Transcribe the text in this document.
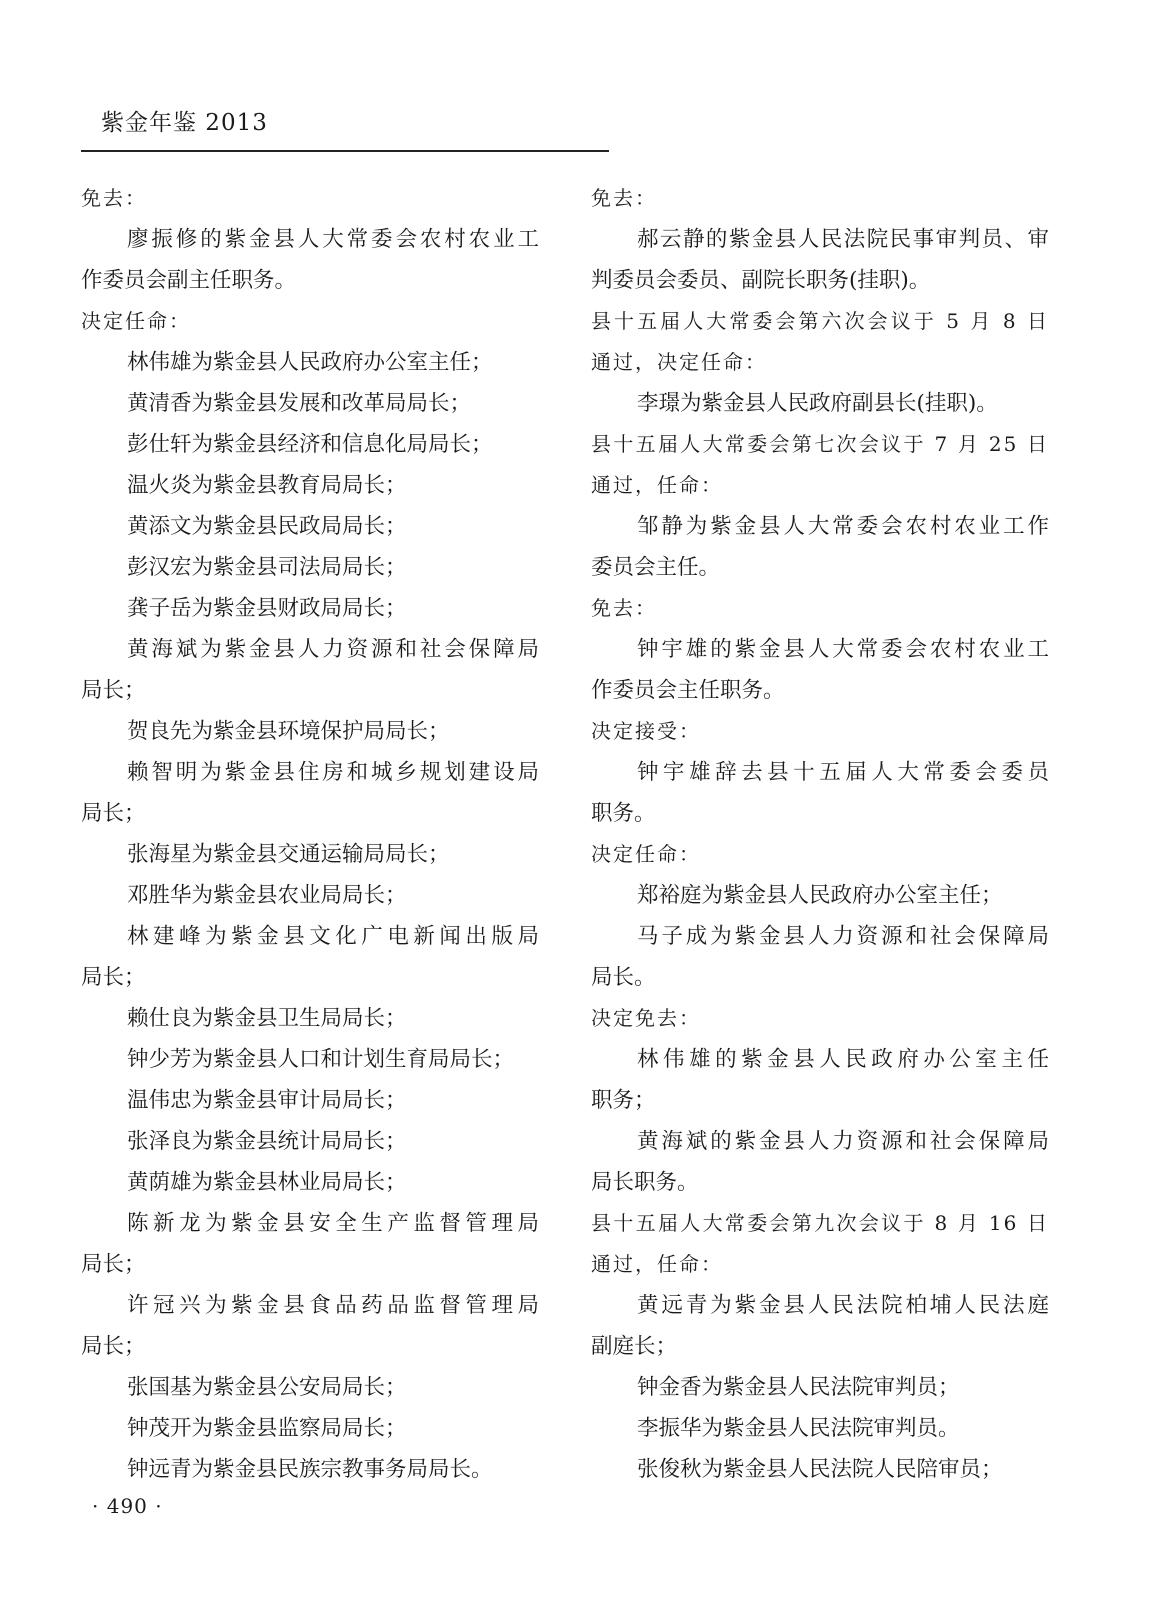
紫金年鉴 2013
免去：
廖振修的紫金县人大常委会农村农业工
作委员会副主任职务。
决定任命：
林伟雄为紫金县人民政府办公室主任；
黄清香为紫金县发展和改革局局长；
彭仕轩为紫金县经济和信息化局局长；
温火炎为紫金县教育局局长；
黄添文为紫金县民政局局长；
彭汉宏为紫金县司法局局长；
龚子岳为紫金县财政局局长；
黄海斌为紫金县人力资源和社会保障局
局长；
贺良先为紫金县环境保护局局长；
赖智明为紫金县住房和城乡规划建设局
局长；
张海星为紫金县交通运输局局长；
邓胜华为紫金县农业局局长；
林建峰为紫金县文化广电新闻出版局
局长；
赖仕良为紫金县卫生局局长；
钟少芳为紫金县人口和计划生育局局长；
温伟忠为紫金县审计局局长；
张泽良为紫金县统计局局长；
黄荫雄为紫金县林业局局长；
陈新龙为紫金县安全生产监督管理局
局长；
许冠兴为紫金县食品药品监督管理局
局长；
张国基为紫金县公安局局长；
钟茂开为紫金县监察局局长；
钟远青为紫金县民族宗教事务局局长。
免去：
郝云静的紫金县人民法院民事审判员、审
判委员会委员、副院长职务(挂职)。
县十五届人大常委会第六次会议于 5 月 8 日
通过，决定任命：
李璟为紫金县人民政府副县长(挂职)。
县十五届人大常委会第七次会议于 7 月 25 日
通过，任命：
邹静为紫金县人大常委会农村农业工作
委员会主任。
免去：
钟宇雄的紫金县人大常委会农村农业工
作委员会主任职务。
决定接受：
钟宇雄辞去县十五届人大常委会委员
职务。
决定任命：
郑裕庭为紫金县人民政府办公室主任；
马子成为紫金县人力资源和社会保障局
局长。
决定免去：
林伟雄的紫金县人民政府办公室主任
职务；
黄海斌的紫金县人力资源和社会保障局
局长职务。
县十五届人大常委会第九次会议于 8 月 16 日
通过，任命：
黄远青为紫金县人民法院柏埔人民法庭
副庭长；
钟金香为紫金县人民法院审判员；
李振华为紫金县人民法院审判员。
张俊秋为紫金县人民法院人民陪审员；
· 490 ·
